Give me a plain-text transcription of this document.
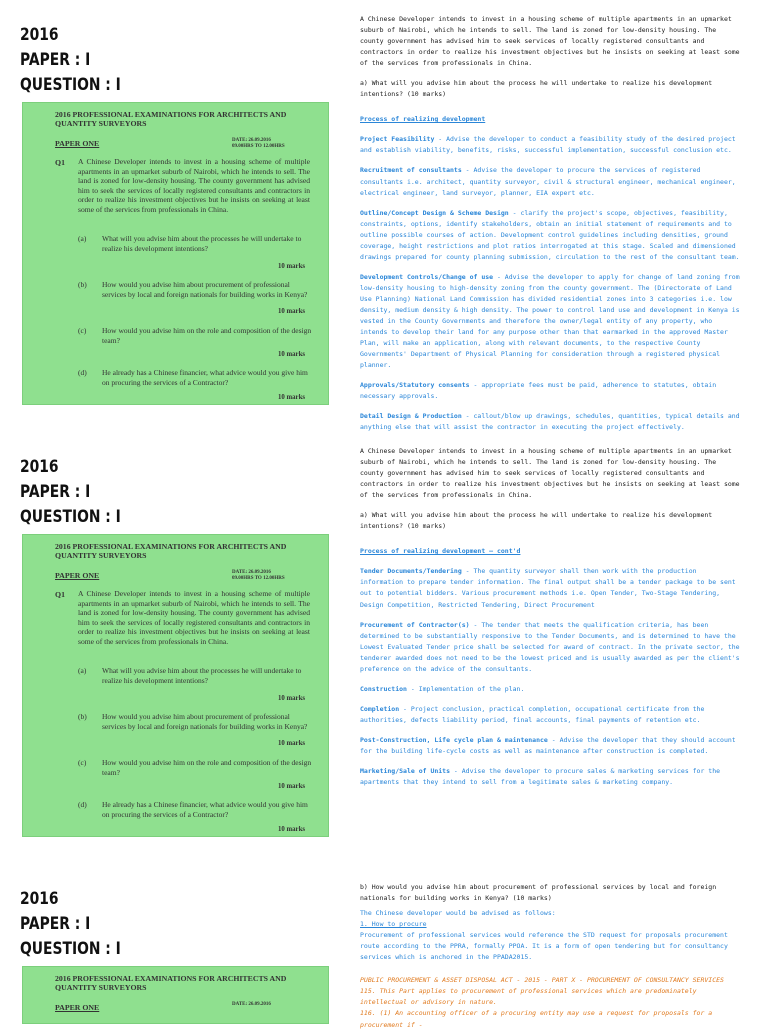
2016
PAPER : I
QUESTION : I
2016 PROFESSIONAL EXAMINATIONS FOR ARCHITECTS AND QUANTITY SURVEYORS
PAPER ONE	DATE: 26.09.2016
09.00HRS TO 12.00HRS
Q1 A Chinese Developer intends to invest in a housing scheme of multiple apartments in an upmarket suburb of Nairobi, which he intends to sell. The land is zoned for low-density housing. The county government has advised him to seek the services of locally registered consultants and contractors in order to realize his investment objectives but he insists on seeking at least some of the services from professionals in China.
(a) What will you advise him about the processes he will undertake to realize his development intentions?
10 marks
(b) How would you advise him about procurement of professional services by local and foreign nationals for building works in Kenya?
10 marks
(c) How would you advise him on the role and composition of the design team?
10 marks
(d) He already has a Chinese financier, what advice would you give him on procuring the services of a Contractor?
10 marks

A Chinese Developer intends to invest in a housing scheme of multiple apartments in an upmarket suburb of Nairobi, which he intends to sell. The land is zoned for low-density housing. The county government has advised him to seek services of locally registered consultants and contractors in order to realize his investment objectives but he insists on seeking at least some of the services from professionals in China.

a) What will you advise him about the process he will undertake to realize his development intentions? (10 marks)

Process of realizing development

Project Feasibility - Advise the developer to conduct a feasibility study of the desired project and establish viability, benefits, risks, successful implementation, successful conclusion etc.

Recruitment of consultants - Advise the developer to procure the services of registered consultants i.e. architect, quantity surveyor, civil & structural engineer, mechanical engineer, electrical engineer, land surveyor, planner, EIA expert etc.

Outline/Concept Design & Scheme Design - clarify the project's scope, objectives, feasibility, constraints, options, identify stakeholders, obtain an initial statement of requirements and to outline possible courses of action. Development control guidelines including densities, ground coverage, height restrictions and plot ratios interrogated at this stage. Scaled and dimensioned drawings prepared for county planning submission, circulation to the rest of the consultant team.

Development Controls/Change of use - Advise the developer to apply for change of land zoning from low-density housing to high-density zoning from the county government. The (Directorate of Land Use Planning) National Land Commission has divided residential zones into 3 categories i.e. low density, medium density & high density. The power to control land use and development in Kenya is vested in the County Governments and therefore the owner/legal entity of any property, who intends to develop their land for any purpose other than that earmarked in the approved Master Plan, will make an application, along with relevant documents, to the respective County Governments' Department of Physical Planning for consideration through a registered physical planner.

Approvals/Statutory consents - appropriate fees must be paid, adherence to statutes, obtain necessary approvals.

Detail Design & Production - callout/blow up drawings, schedules, quantities, typical details and anything else that will assist the contractor in executing the project effectively.

2016
PAPER : I
QUESTION : I
2016 PROFESSIONAL EXAMINATIONS FOR ARCHITECTS AND QUANTITY SURVEYORS
PAPER ONE	DATE: 26.09.2016
09.00HRS TO 12.00HRS
Q1 A Chinese Developer intends to invest in a housing scheme of multiple apartments in an upmarket suburb of Nairobi, which he intends to sell. The land is zoned for low-density housing. The county government has advised him to seek the services of locally registered consultants and contractors in order to realize his investment objectives but he insists on seeking at least some of the services from professionals in China.
(a) What will you advise him about the processes he will undertake to realize his development intentions?
10 marks
(b) How would you advise him about procurement of professional services by local and foreign nationals for building works in Kenya?
10 marks
(c) How would you advise him on the role and composition of the design team?
10 marks
(d) He already has a Chinese financier, what advice would you give him on procuring the services of a Contractor?
10 marks

A Chinese Developer intends to invest in a housing scheme of multiple apartments in an upmarket suburb of Nairobi, which he intends to sell. The land is zoned for low-density housing. The county government has advised him to seek services of locally registered consultants and contractors in order to realize his investment objectives but he insists on seeking at least some of the services from professionals in China.

a) What will you advise him about the process he will undertake to realize his development intentions? (10 marks)

Process of realizing development – cont'd

Tender Documents/Tendering - The quantity surveyor shall then work with the production information to prepare tender information. The final output shall be a tender package to be sent out to potential bidders. Various procurement methods i.e. Open Tender, Two-Stage Tendering, Design Competition, Restricted Tendering, Direct Procurement

Procurement of Contractor(s) - The tender that meets the qualification criteria, has been determined to be substantially responsive to the Tender Documents, and is determined to have the Lowest Evaluated Tender price shall be selected for award of contract. In the private sector, the tenderer awarded does not need to be the lowest priced and is usually awarded as per the client's preference on the advice of the consultants.

Construction - Implementation of the plan.

Completion - Project conclusion, practical completion, occupational certificate from the authorities, defects liability period, final accounts, final payments of retention etc.

Post-Construction, Life cycle plan & maintenance - Advise the developer that they should account for the building life-cycle costs as well as maintenance after construction is completed.

Marketing/Sale of Units - Advise the developer to procure sales & marketing services for the apartments that they intend to sell from a legitimate sales & marketing company.

2016
PAPER : I
QUESTION : I
2016 PROFESSIONAL EXAMINATIONS FOR ARCHITECTS AND QUANTITY SURVEYORS
PAPER ONE	DATE: 26.09.2016

b) How would you advise him about procurement of professional services by local and foreign nationals for building works in Kenya? (10 marks)

The Chinese developer would be advised as follows:

1. How to procure

Procurement of professional services would reference the STD request for proposals procurement route according to the PPRA, formally PPOA. It is a form of open tendering but for consultancy services which is anchored in the PPADA2015.

PUBLIC PROCUREMENT & ASSET DISPOSAL ACT - 2015 - PART X - PROCUREMENT OF CONSULTANCY SERVICES

115. This Part applies to procurement of professional services which are predominately intellectual or advisory in nature.

116. (1) An accounting officer of a procuring entity may use a request for proposals for a procurement if -
